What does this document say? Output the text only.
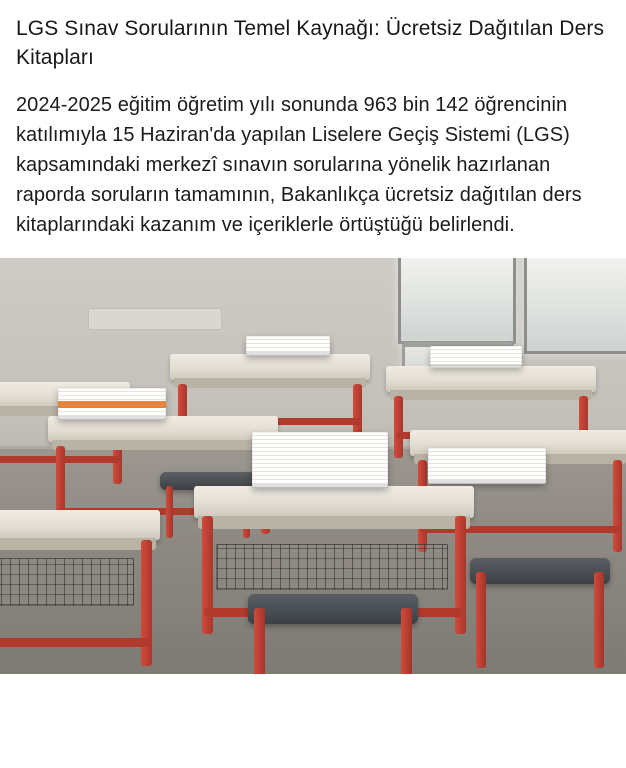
LGS Sınav Sorularının Temel Kaynağı: Ücretsiz Dağıtılan Ders Kitapları

2024-2025 eğitim öğretim yılı sonunda 963 bin 142 öğrencinin katılımıyla 15 Haziran'da yapılan Liselere Geçiş Sistemi (LGS) kapsamındaki merkezî sınavın sorularına yönelik hazırlanan raporda soruların tamamının, Bakanlıkça ücretsiz dağıtılan ders kitaplarındaki kazanım ve içeriklerle örtüştüğü belirlendi.
